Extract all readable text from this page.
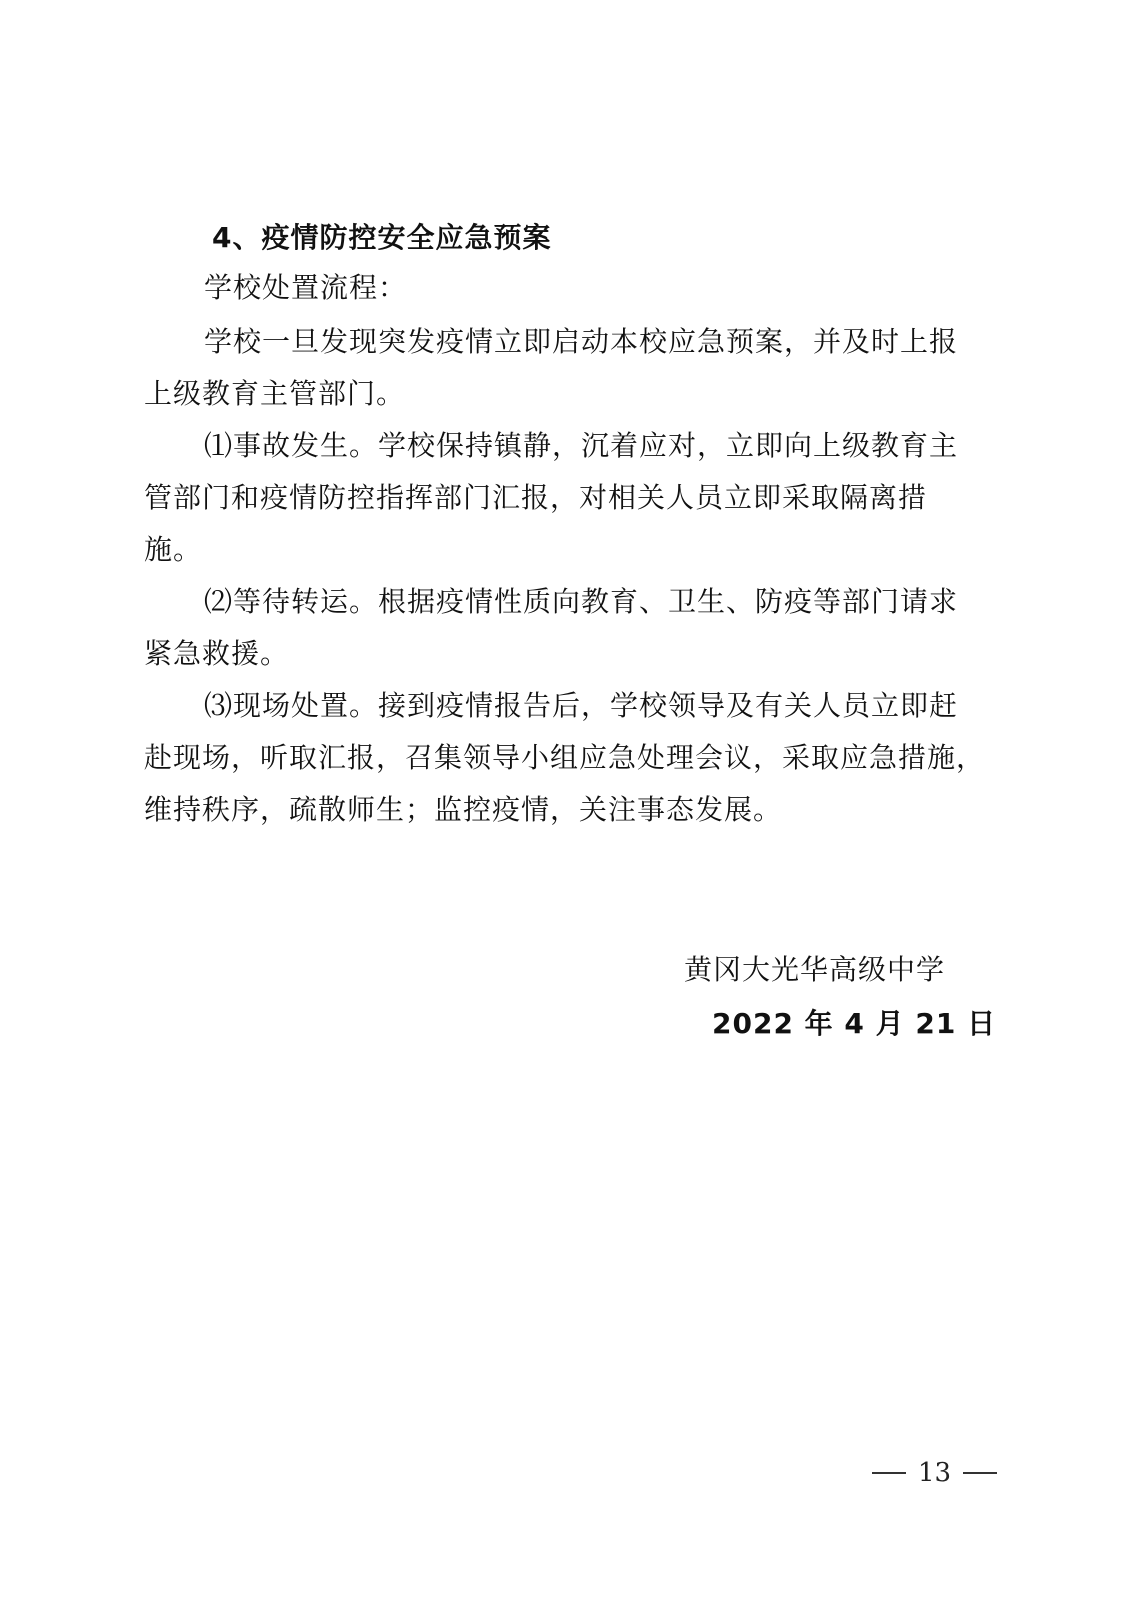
4、疫情防控安全应急预案
学校处置流程：
学校一旦发现突发疫情立即启动本校应急预案，并及时上报
上级教育主管部门。
⑴事故发生。学校保持镇静，沉着应对，立即向上级教育主
管部门和疫情防控指挥部门汇报，对相关人员立即采取隔离措
施。
⑵等待转运。根据疫情性质向教育、卫生、防疫等部门请求
紧急救援。
⑶现场处置。接到疫情报告后，学校领导及有关人员立即赶
赴现场，听取汇报，召集领导小组应急处理会议，采取应急措施，
维持秩序，疏散师生；监控疫情，关注事态发展。
黄冈大光华高级中学
2022 年 4 月 21 日
13
